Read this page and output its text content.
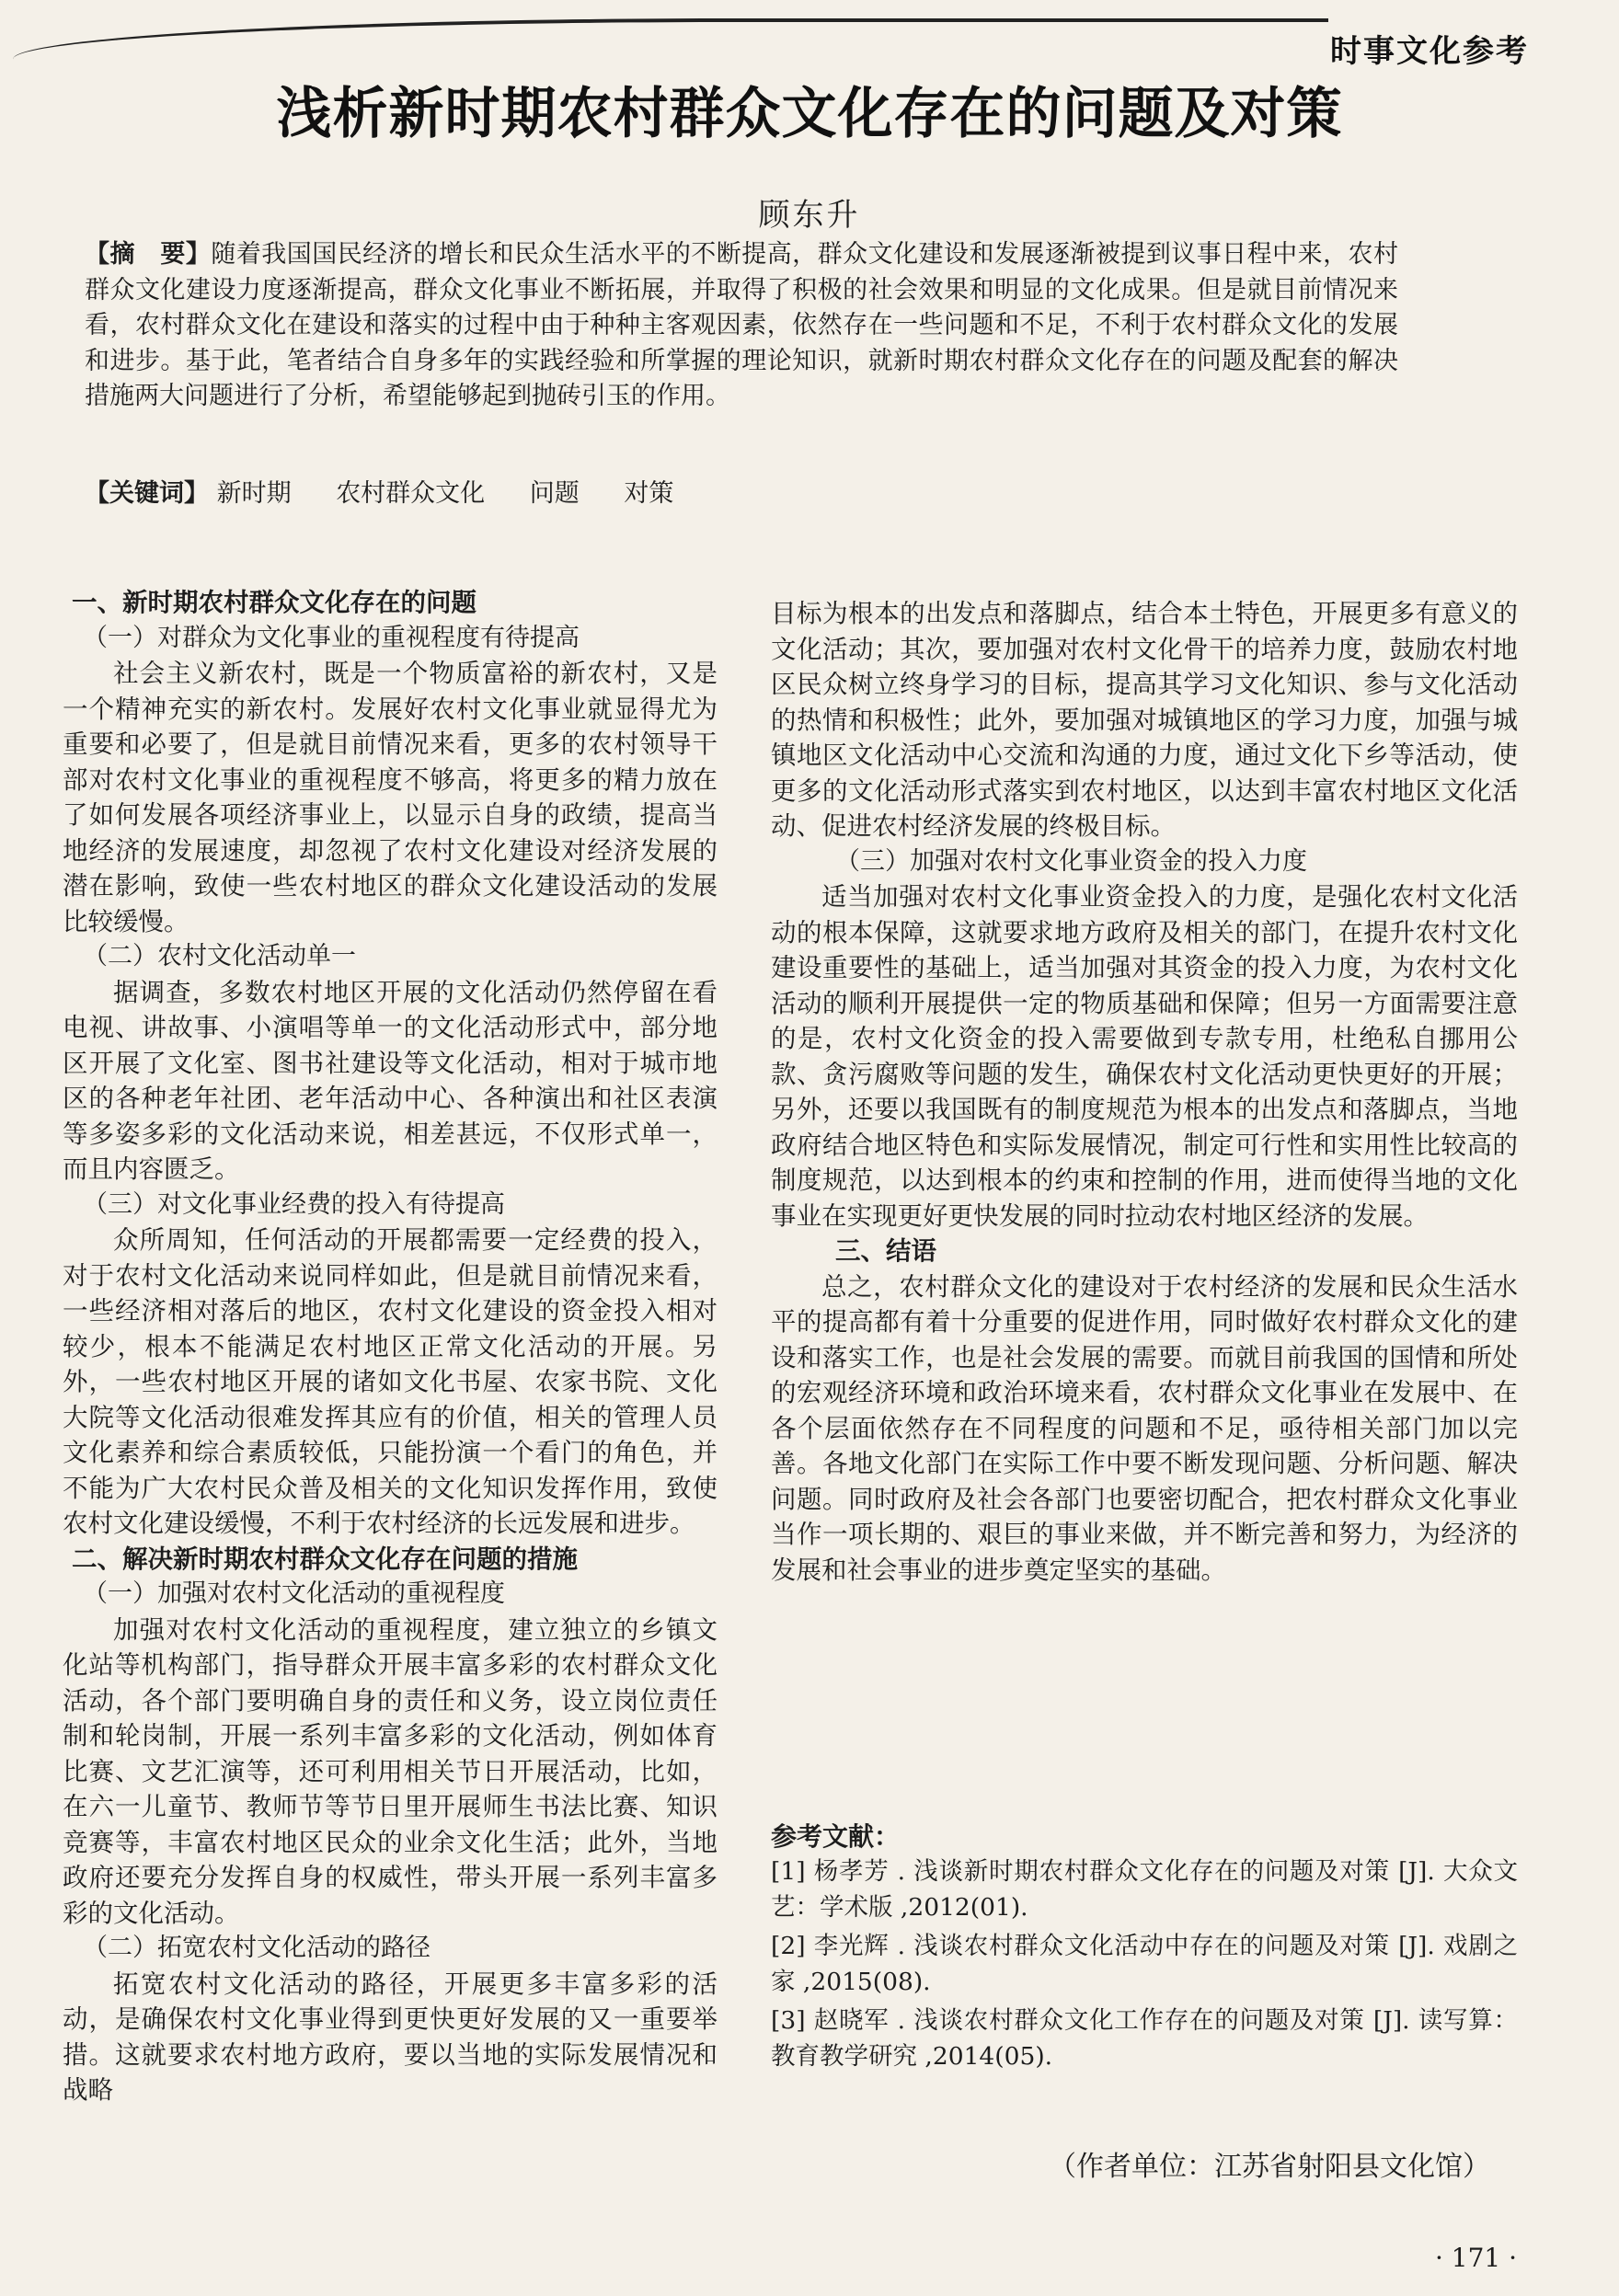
时事文化参考
浅析新时期农村群众文化存在的问题及对策
顾东升
【摘　要】随着我国国民经济的增长和民众生活水平的不断提高，群众文化建设和发展逐渐被提到议事日程中来，农村群众文化建设力度逐渐提高，群众文化事业不断拓展，并取得了积极的社会效果和明显的文化成果。但是就目前情况来看，农村群众文化在建设和落实的过程中由于种种主客观因素，依然存在一些问题和不足，不利于农村群众文化的发展和进步。基于此，笔者结合自身多年的实践经验和所掌握的理论知识，就新时期农村群众文化存在的问题及配套的解决措施两大问题进行了分析，希望能够起到抛砖引玉的作用。
【关键词】 新时期 农村群众文化 问题 对策
一、新时期农村群众文化存在的问题
（一）对群众为文化事业的重视程度有待提高

社会主义新农村，既是一个物质富裕的新农村，又是一个精神充实的新农村。发展好农村文化事业就显得尤为重要和必要了，但是就目前情况来看，更多的农村领导干部对农村文化事业的重视程度不够高，将更多的精力放在了如何发展各项经济事业上，以显示自身的政绩，提高当地经济的发展速度，却忽视了农村文化建设对经济发展的潜在影响，致使一些农村地区的群众文化建设活动的发展比较缓慢。

（二）农村文化活动单一

据调查，多数农村地区开展的文化活动仍然停留在看电视、讲故事、小演唱等单一的文化活动形式中，部分地区开展了文化室、图书社建设等文化活动，相对于城市地区的各种老年社团、老年活动中心、各种演出和社区表演等多姿多彩的文化活动来说，相差甚远，不仅形式单一，而且内容匮乏。

（三）对文化事业经费的投入有待提高

众所周知，任何活动的开展都需要一定经费的投入，对于农村文化活动来说同样如此，但是就目前情况来看，一些经济相对落后的地区，农村文化建设的资金投入相对较少，根本不能满足农村地区正常文化活动的开展。另外，一些农村地区开展的诸如文化书屋、农家书院、文化大院等文化活动很难发挥其应有的价值，相关的管理人员文化素养和综合素质较低，只能扮演一个看门的角色，并不能为广大农村民众普及相关的文化知识发挥作用，致使农村文化建设缓慢，不利于农村经济的长远发展和进步。

二、解决新时期农村群众文化存在问题的措施
（一）加强对农村文化活动的重视程度

加强对农村文化活动的重视程度，建立独立的乡镇文化站等机构部门，指导群众开展丰富多彩的农村群众文化活动，各个部门要明确自身的责任和义务，设立岗位责任制和轮岗制，开展一系列丰富多彩的文化活动，例如体育比赛、文艺汇演等，还可利用相关节日开展活动，比如，在六一儿童节、教师节等节日里开展师生书法比赛、知识竞赛等，丰富农村地区民众的业余文化生活；此外，当地政府还要充分发挥自身的权威性，带头开展一系列丰富多彩的文化活动。

（二）拓宽农村文化活动的路径

拓宽农村文化活动的路径，开展更多丰富多彩的活动，是确保农村文化事业得到更快更好发展的又一重要举措。这就要求农村地方政府，要以当地的实际发展情况和战略

目标为根本的出发点和落脚点，结合本土特色，开展更多有意义的文化活动；其次，要加强对农村文化骨干的培养力度，鼓励农村地区民众树立终身学习的目标，提高其学习文化知识、参与文化活动的热情和积极性；此外，要加强对城镇地区的学习力度，加强与城镇地区文化活动中心交流和沟通的力度，通过文化下乡等活动，使更多的文化活动形式落实到农村地区，以达到丰富农村地区文化活动、促进农村经济发展的终极目标。

（三）加强对农村文化事业资金的投入力度

适当加强对农村文化事业资金投入的力度，是强化农村文化活动的根本保障，这就要求地方政府及相关的部门，在提升农村文化建设重要性的基础上，适当加强对其资金的投入力度，为农村文化活动的顺利开展提供一定的物质基础和保障；但另一方面需要注意的是，农村文化资金的投入需要做到专款专用，杜绝私自挪用公款、贪污腐败等问题的发生，确保农村文化活动更快更好的开展；另外，还要以我国既有的制度规范为根本的出发点和落脚点，当地政府结合地区特色和实际发展情况，制定可行性和实用性比较高的制度规范，以达到根本的约束和控制的作用，进而使得当地的文化事业在实现更好更快发展的同时拉动农村地区经济的发展。

三、结语

总之，农村群众文化的建设对于农村经济的发展和民众生活水平的提高都有着十分重要的促进作用，同时做好农村群众文化的建设和落实工作，也是社会发展的需要。而就目前我国的国情和所处的宏观经济环境和政治环境来看，农村群众文化事业在发展中、在各个层面依然存在不同程度的问题和不足，亟待相关部门加以完善。各地文化部门在实际工作中要不断发现问题、分析问题、解决问题。同时政府及社会各部门也要密切配合，把农村群众文化事业当作一项长期的、艰巨的事业来做，并不断完善和努力，为经济的发展和社会事业的进步奠定坚实的基础。

参考文献：
[1] 杨孝芳 . 浅谈新时期农村群众文化存在的问题及对策 [J]. 大众文艺：学术版 ,2012(01).
[2] 李光辉 . 浅谈农村群众文化活动中存在的问题及对策 [J]. 戏剧之家 ,2015(08).
[3] 赵晓军 . 浅谈农村群众文化工作存在的问题及对策 [J]. 读写算：教育教学研究 ,2014(05).
（作者单位：江苏省射阳县文化馆）
· 171 ·
